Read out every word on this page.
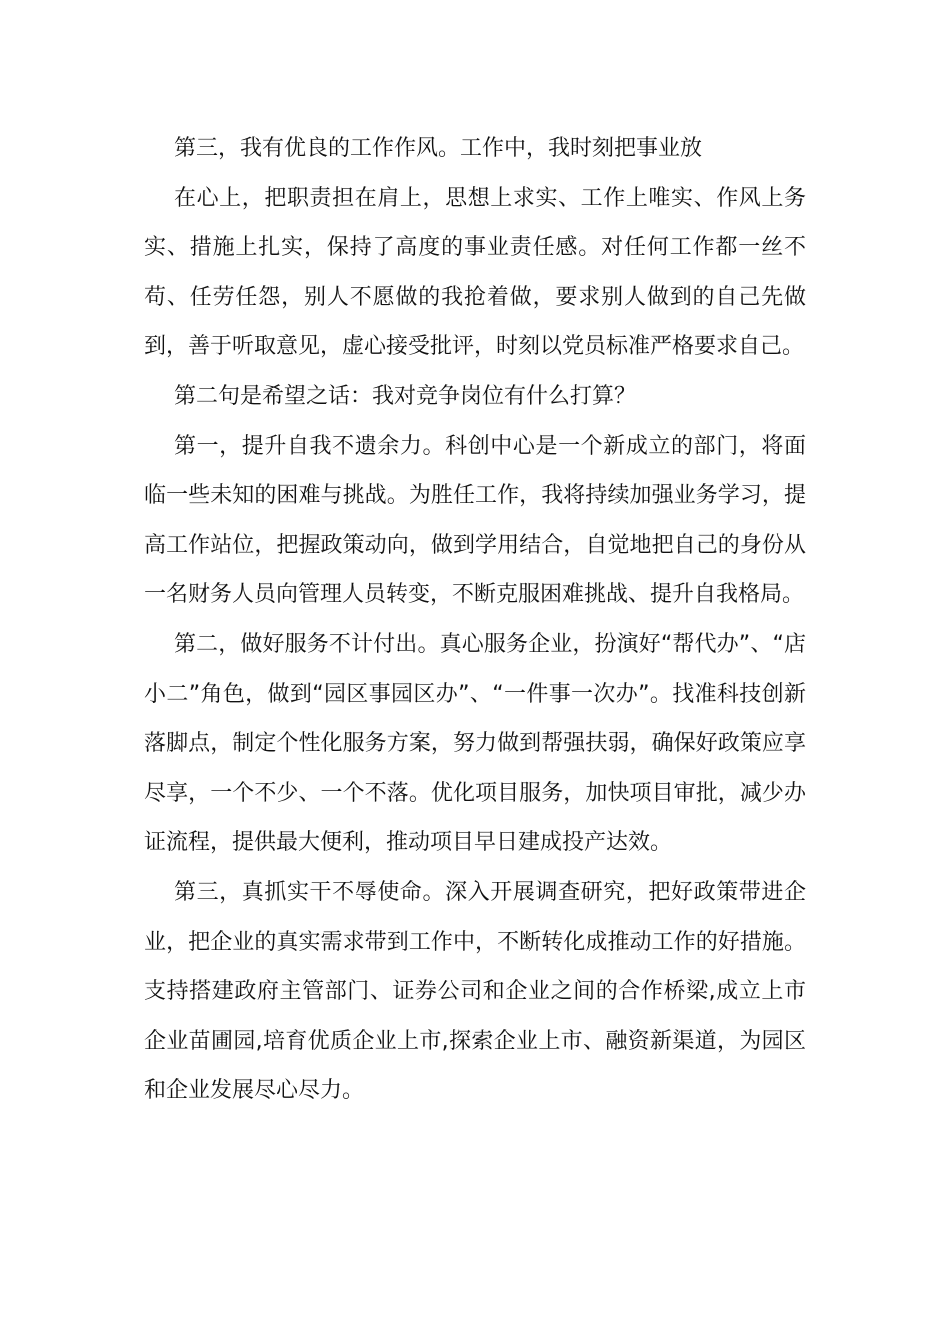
第三，我有优良的工作作风。工作中，我时刻把事业放

在心上，把职责担在肩上，思想上求实、工作上唯实、作风上务实、措施上扎实，保持了高度的事业责任感。对任何工作都一丝不苟、任劳任怨，别人不愿做的我抢着做，要求别人做到的自己先做到，善于听取意见，虚心接受批评，时刻以党员标准严格要求自己。

第二句是希望之话：我对竞争岗位有什么打算？

第一，提升自我不遗余力。科创中心是一个新成立的部门，将面临一些未知的困难与挑战。为胜任工作，我将持续加强业务学习，提高工作站位，把握政策动向，做到学用结合，自觉地把自己的身份从一名财务人员向管理人员转变，不断克服困难挑战、提升自我格局。

第二，做好服务不计付出。真心服务企业，扮演好“帮代办”、“店小二”角色，做到“园区事园区办”、“一件事一次办”。找准科技创新落脚点，制定个性化服务方案，努力做到帮强扶弱，确保好政策应享尽享，一个不少、一个不落。优化项目服务，加快项目审批，减少办证流程，提供最大便利，推动项目早日建成投产达效。

第三，真抓实干不辱使命。深入开展调查研究，把好政策带进企业，把企业的真实需求带到工作中，不断转化成推动工作的好措施。支持搭建政府主管部门、证券公司和企业之间的合作桥梁,成立上市企业苗圃园,培育优质企业上市,探索企业上市、融资新渠道，为园区和企业发展尽心尽力。
